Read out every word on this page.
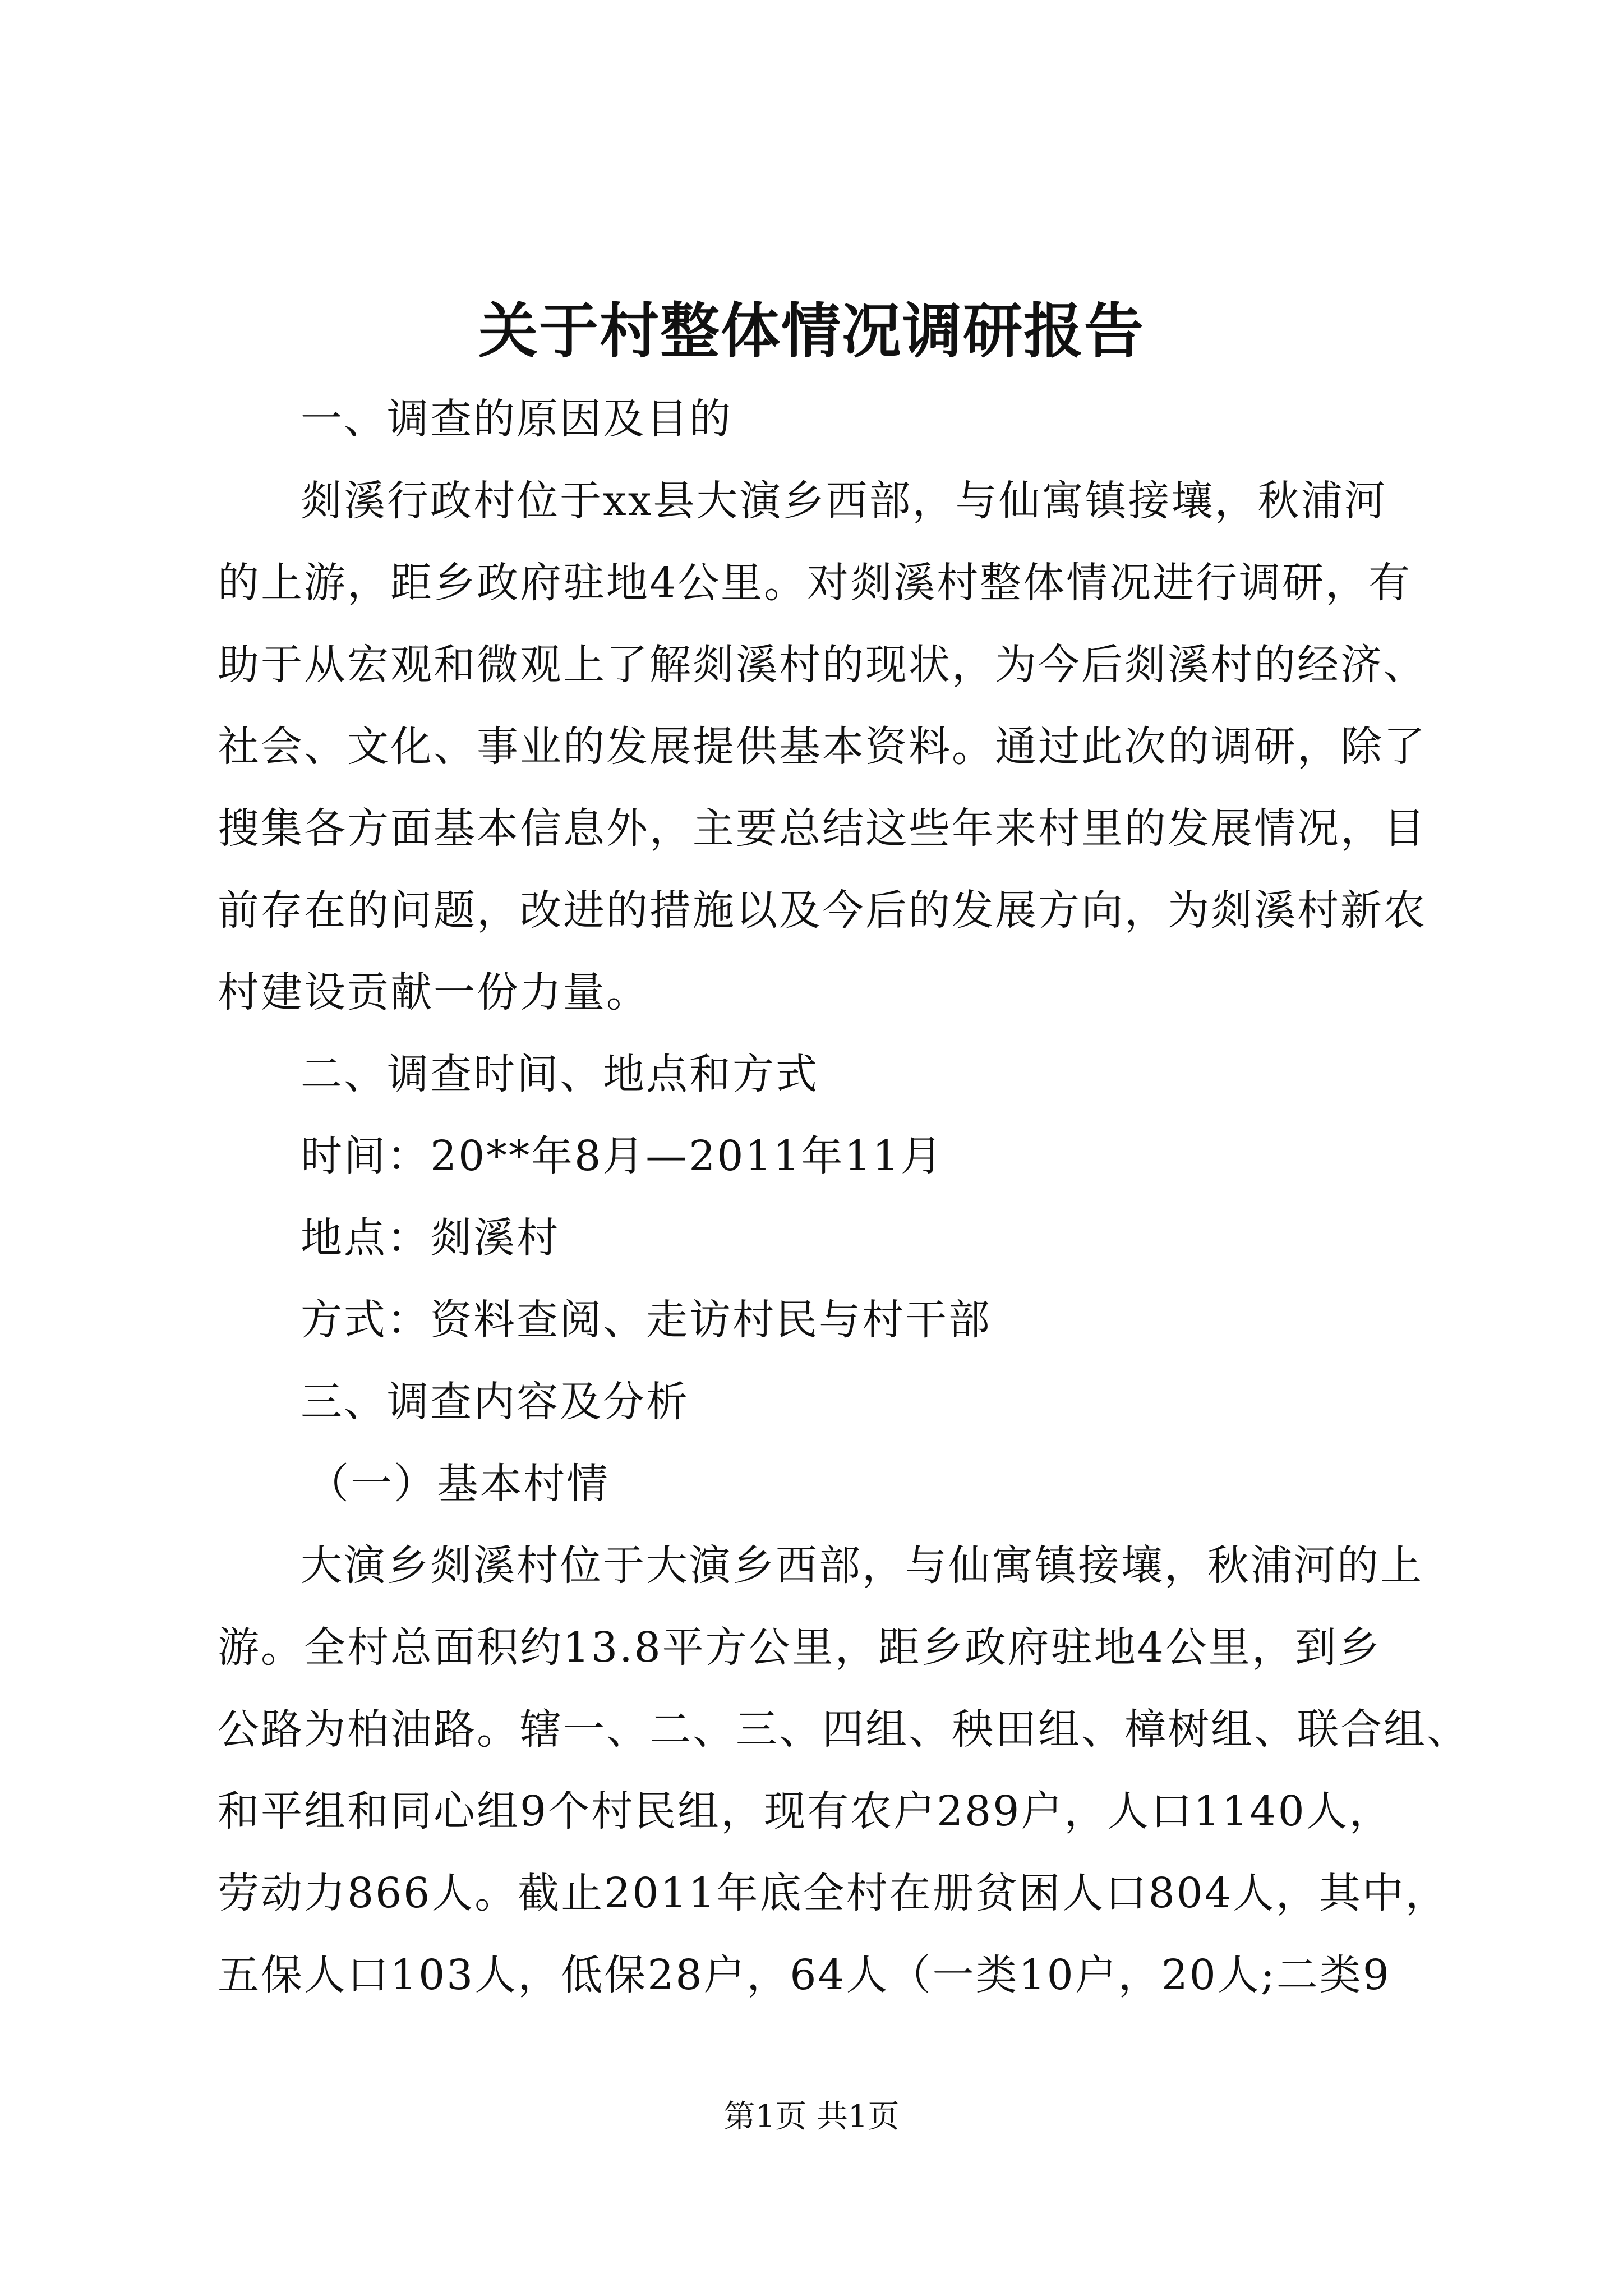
关于村整体情况调研报告
一、调查的原因及目的
剡溪行政村位于xx县大演乡西部，与仙寓镇接壤，秋浦河
的上游，距乡政府驻地4公里。对剡溪村整体情况进行调研，有
助于从宏观和微观上了解剡溪村的现状，为今后剡溪村的经济、
社会、文化、事业的发展提供基本资料。通过此次的调研，除了
搜集各方面基本信息外，主要总结这些年来村里的发展情况，目
前存在的问题，改进的措施以及今后的发展方向，为剡溪村新农
村建设贡献一份力量。
二、调查时间、地点和方式
时间：20**年8月—2011年11月
地点：剡溪村
方式：资料查阅、走访村民与村干部
三、调查内容及分析
（一）基本村情
大演乡剡溪村位于大演乡西部，与仙寓镇接壤，秋浦河的上
游。全村总面积约13.8平方公里，距乡政府驻地4公里，到乡
公路为柏油路。辖一、二、三、四组、秧田组、樟树组、联合组、
和平组和同心组9个村民组，现有农户289户，人口1140人，
劳动力866人。截止2011年底全村在册贫困人口804人，其中，
五保人口103人，低保28户，64人（一类10户，20人;二类9
第1页 共1页
